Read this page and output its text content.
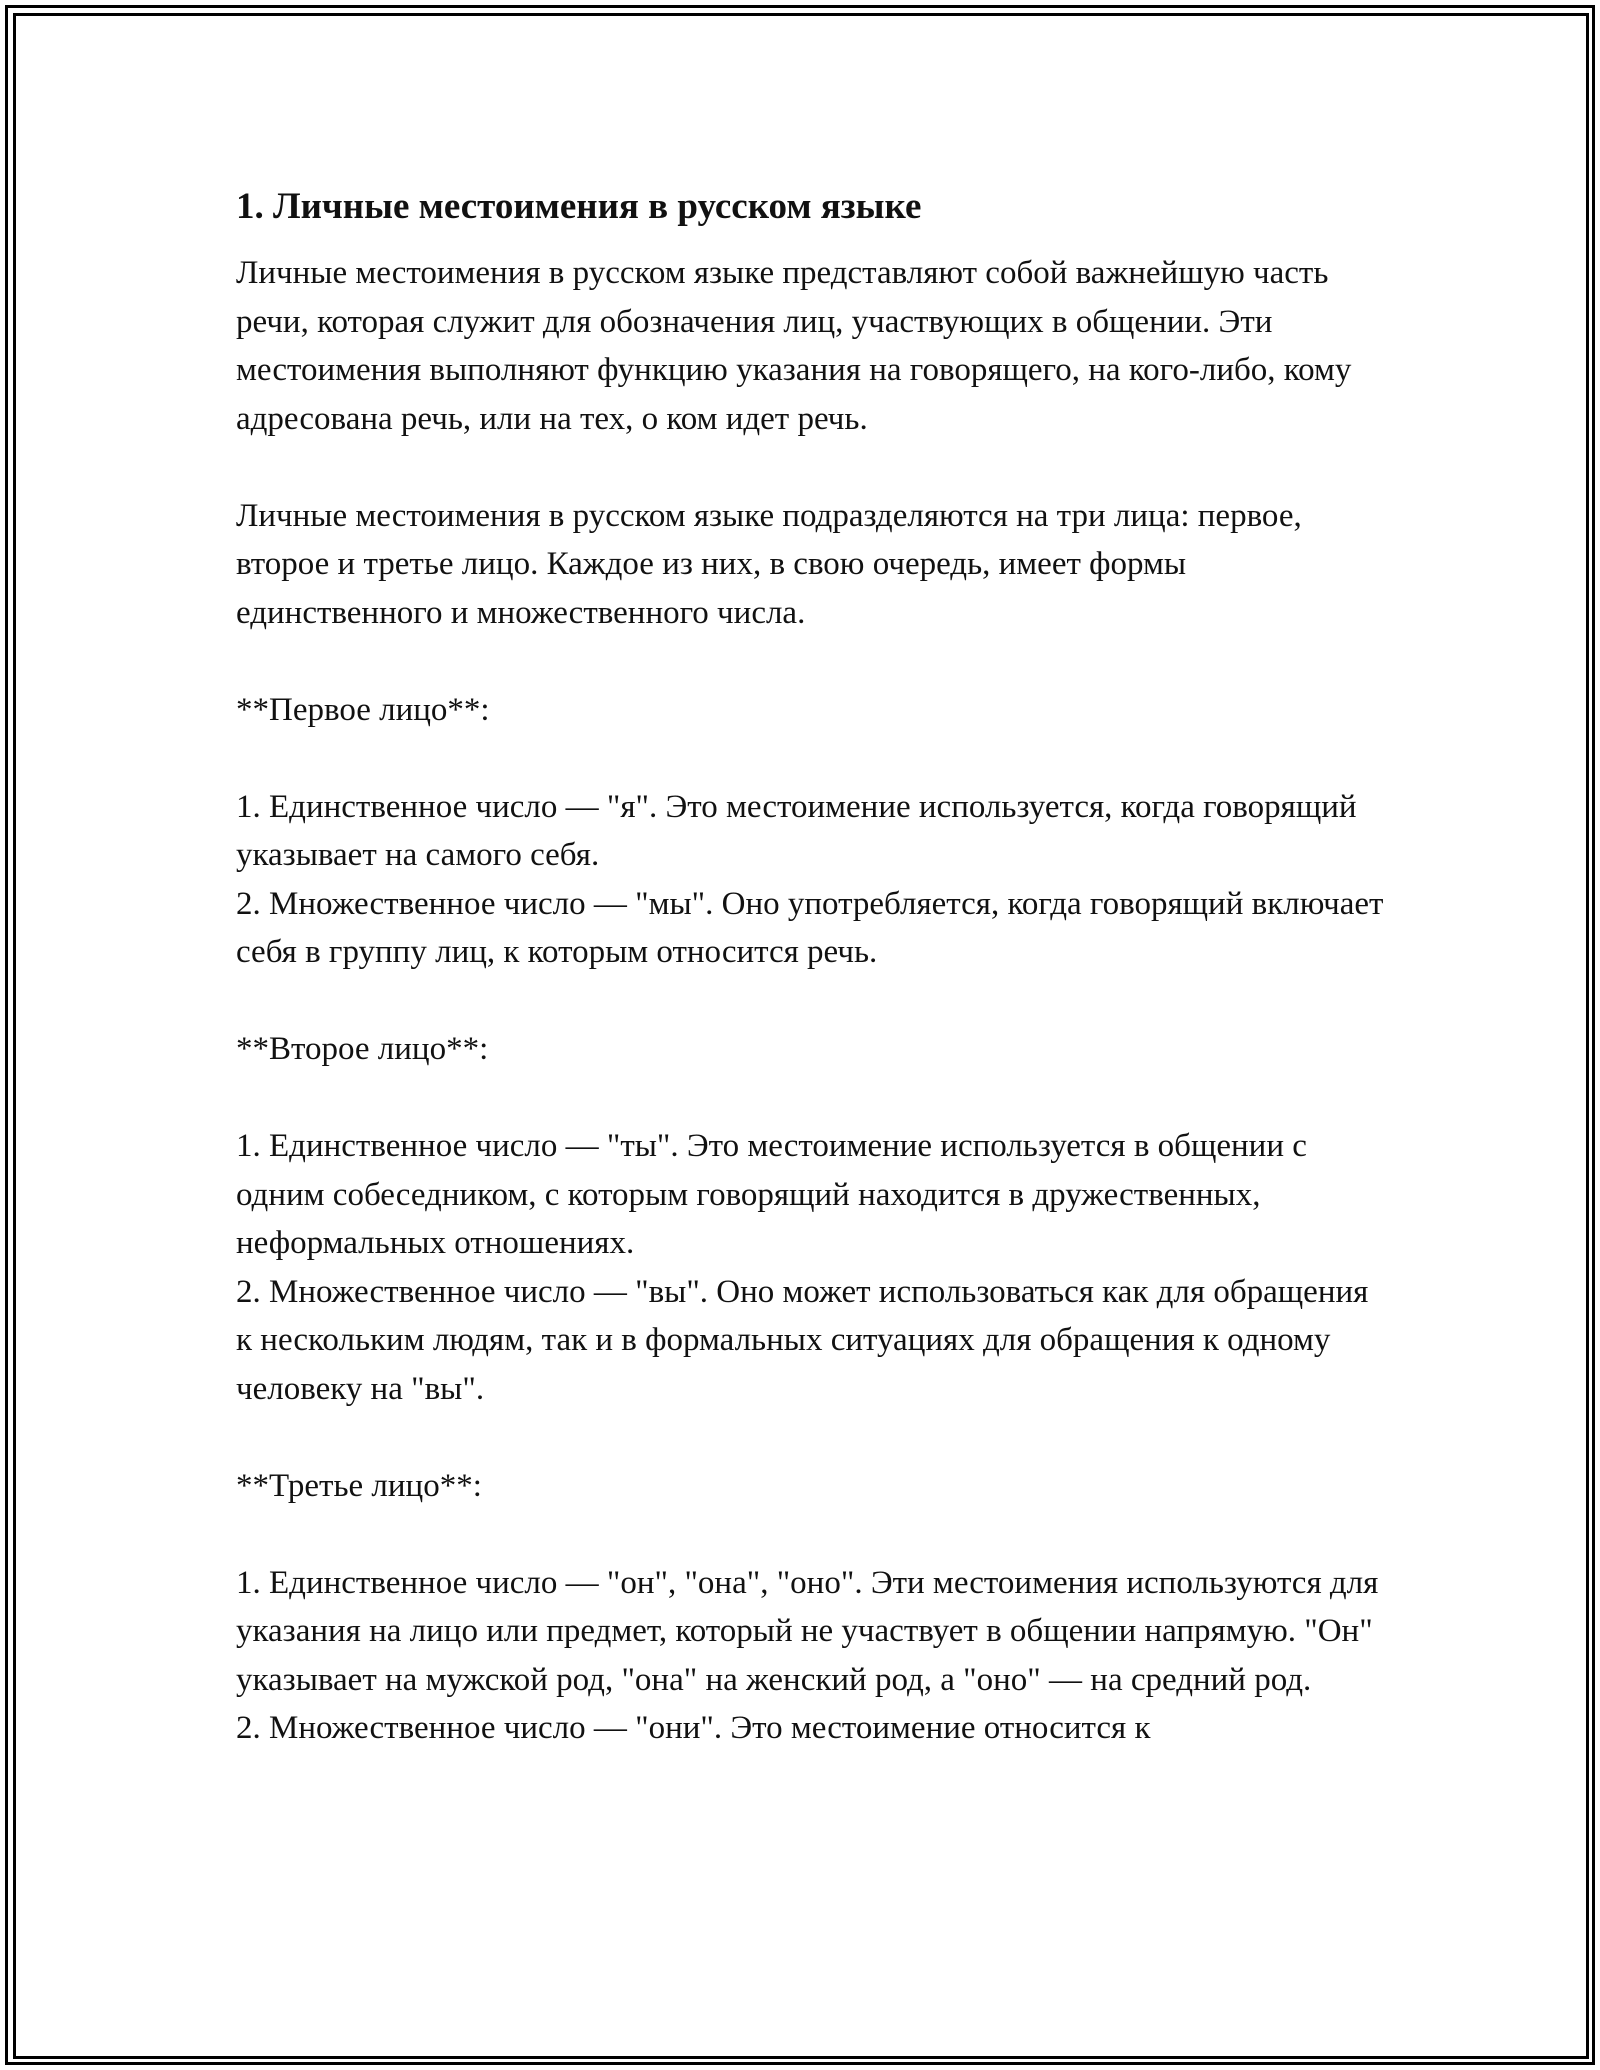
1. Личные местоимения в русском языке

Личные местоимения в русском языке представляют собой важнейшую часть речи, которая служит для обозначения лиц, участвующих в общении. Эти местоимения выполняют функцию указания на говорящего, на кого-либо, кому адресована речь, или на тех, о ком идет речь.

Личные местоимения в русском языке подразделяются на три лица: первое, второе и третье лицо. Каждое из них, в свою очередь, имеет формы единственного и множественного числа.

**Первое лицо**:

1. Единственное число — "я". Это местоимение используется, когда говорящий указывает на самого себя.

2. Множественное число — "мы". Оно употребляется, когда говорящий включает себя в группу лиц, к которым относится речь.

**Второе лицо**:

1. Единственное число — "ты". Это местоимение используется в общении с одним собеседником, с которым говорящий находится в дружественных, неформальных отношениях.

2. Множественное число — "вы". Оно может использоваться как для обращения к нескольким людям, так и в формальных ситуациях для обращения к одному человеку на "вы".

**Третье лицо**:

1. Единственное число — "он", "она", "оно". Эти местоимения используются для указания на лицо или предмет, который не участвует в общении напрямую. "Он" указывает на мужской род, "она" на женский род, а "оно" — на средний род.

2. Множественное число — "они". Это местоимение относится к
